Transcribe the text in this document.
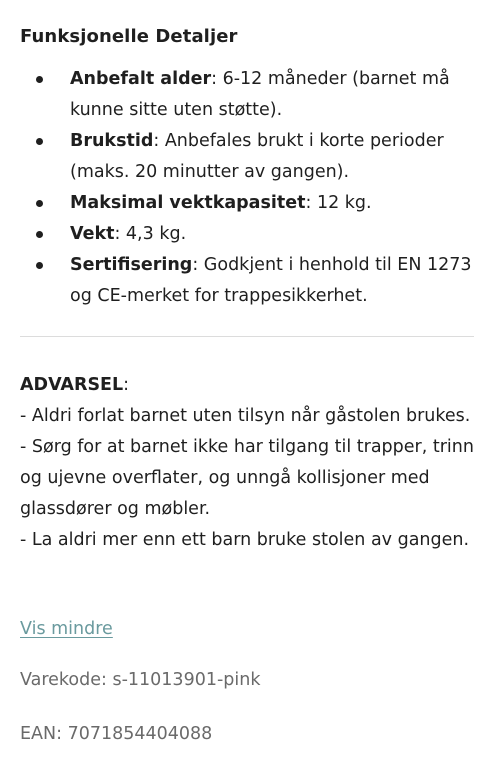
Funksjonelle Detaljer
Anbefalt alder: 6-12 måneder (barnet må kunne sitte uten støtte).
Brukstid: Anbefales brukt i korte perioder (maks. 20 minutter av gangen).
Maksimal vektkapasitet: 12 kg.
Vekt: 4,3 kg.
Sertifisering: Godkjent i henhold til EN 1273 og CE-merket for trappesikkerhet.
ADVARSEL:
- Aldri forlat barnet uten tilsyn når gåstolen brukes.
- Sørg for at barnet ikke har tilgang til trapper, trinn og ujevne overflater, og unngå kollisjoner med glassdører og møbler.
- La aldri mer enn ett barn bruke stolen av gangen.
Vis mindre
Varekode: s-11013901-pink
EAN: 7071854404088
